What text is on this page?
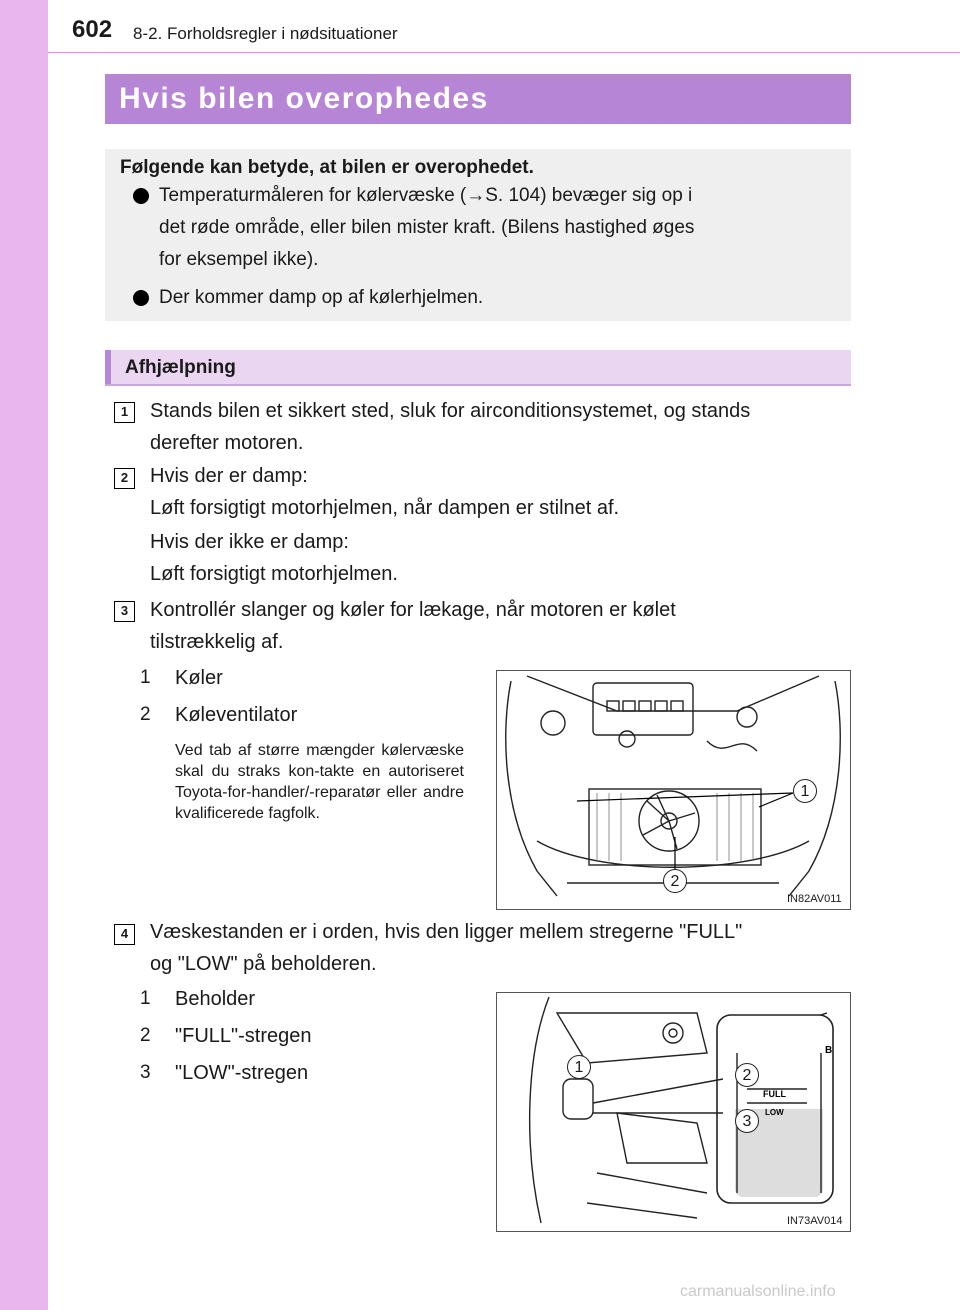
602 8-2. Forholdsregler i nødsituationer
Hvis bilen overophedes
Følgende kan betyde, at bilen er overophedet.
Temperaturmåleren for kølervæske (→S. 104) bevæger sig op i
det røde område, eller bilen mister kraft. (Bilens hastighed øges
for eksempel ikke).
Der kommer damp op af kølerhjelmen.
Afhjælpning
1	Stands bilen et sikkert sted, sluk for airconditionsystemet, og stands
derefter motoren.
2	Hvis der er damp:
Løft forsigtigt motorhjelmen, når dampen er stilnet af.
Hvis der ikke er damp:
Løft forsigtigt motorhjelmen.
3	Kontrollér slanger og køler for lækage, når motoren er kølet
tilstrækkelig af.
1 Køler
2 Køleventilator
Ved tab af større mængder kølervæske skal du straks kon-takte en autoriseret Toyota-for-handler/-reparatør eller andre kvalificerede fagfolk.
1
2
IN82AV011
4	Væskestanden er i orden, hvis den ligger mellem stregerne "FULL"
og "LOW" på beholderen.
1 Beholder
2 "FULL"-stregen
3 "LOW"-stregen
B
FULL
LOW
1	2
3
IN73AV014
carmanualsonline.info
